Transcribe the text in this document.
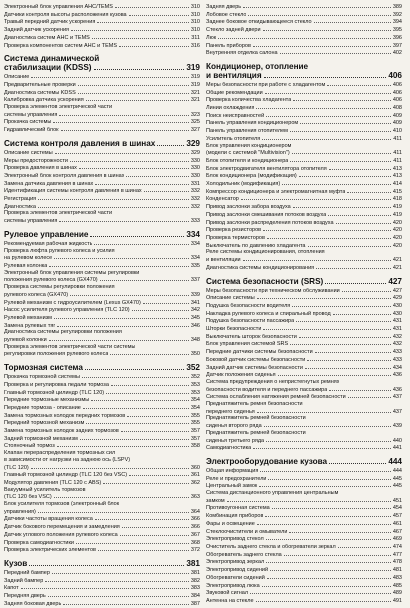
Электронный блок управления АНС/TEMS	310
Датчики контроля высоты расположения кузова	310
Травый передний датчик ускорения	310
Задний датчик ускорения	310
Диагностика систем АНС и TEMS	311
Проверка компонентов систем АНС и TEMS	316
Система динамической
стабилизации (KDSS)	319
Описание	319
Предварительные проверки	319
Диагностика системы KDSS	321
Калибровка датчика ускорения	321
Проверка элементов электрической части
системы управления	323
Прокачка системы	325
Гидравлический блок	327
Система контроля давления в шинах	329
Описание системы	329
Меры предосторожности	330
Проверка давления в шинах	330
Электронный блок контроля давления в шинах	330
Замена датчика давления в шинах	331
Идентификация системы контроля давления в шинах	332
Регистрация	332
Диагностика	332
Проверка элементов электрической части
системы управления	333
Рулевое управление	334
Рекомендуемая рабочая жидкость	334
Проверка люфта рулевого колеса и усилия
на рулевом колесе	334
Рулевая колонка	335
Электронный блок управления системы регулировки
положения рулевого колеса (GX470)	337
Проверка системы регулировки положения
рулевого колеса (GX470)	339
Рулевой механизм с гидроусилителем (Lexus GX470)	341
Насос усилителя рулевого управления (TLC 120)	342
Рулевой механизм	345
Замена рулевых тяг	346
Диагностика системы регулировки положения
рулевой колонки	348
Проверка элементов электрической части системы
регулировки положения рулевого колеса	350
Тормозная система	352
Прокачка тормозной системы	352
Проверка и регулировка педали тормоза	353
Главный тормозной цилиндр (TLC 120)	353
Передние тормозные механизмы	354
Передние тормоза - описание	354
Замена тормозных колодок передних тормозов	355
Передний тормозной механизм	355
Замена тормозных колодок задних тормозов	357
Задний тормозной механизм	357
Стояночный тормоз	358
Клапан перераспределения тормозных сил
в зависимости от нагрузки на заднюю ось (LSPV)
(TLC 120)	360
Главный тормозной цилиндр (TLC 120 без VSC)	361
Модулятор давления (TLC 120 с ABS)	362
Вакуумный усилитель тормозов
(TLC 120 без VSC)	363
Блок усилителя тормозов (электронный блок
управления)	364
Датчики частоты вращения колеса	366
Датчик бокового перемещения и замедления	366
Датчик углового положения рулевого колеса	367
Проверка самодиагностики	368
Проверка электрических элементов	372
Кузов	381
Передний бампер	381
Задний бампер	382
Капот	383
Передняя дверь	384
Задняя боковая дверь	387
Задняя дверь	389
Лобовое стекло	392
Заднее боковое откидывающееся стекло	394
Стекло задней двери	395
Люк	396
Панель приборов	397
Внутренняя отделка салона	402
Кондиционер, отопление
и вентиляция	406
Меры безопасности при работе с хладагентом	406
Общие рекомендации	406
Проверка количества хладагента	406
Линии охлаждения	408
Поиск неисправностей	409
Панель управления кондиционером	409
Панель управления отопителем	410
Усилитель отопителя	411
Блок управления кондиционером
(модели с системой "Multivision")	411
Блок отопителя и кондиционера	411
Блок электродвигателя вентилятора отопителя	413
Блок кондиционера (модификация)	413
Холодильник (модификация)	414
Компрессор кондиционера и электромагнитная муфта	415
Конденсатор	418
Привод заслонки забора воздуха	419
Привод заслонки смешивания потоков воздуха	419
Привод заслонки распределения потоков воздуха	420
Проверка резисторов	420
Проверка термисторов	420
Выключатель по давлению хладагента	420
Реле системы кондиционирования, отопления
и вентиляции	421
Диагностика системы кондиционирования	421
Система безопасности (SRS)	427
Меры безопасности при техническом обслуживании	427
Описание системы	429
Подушка безопасности водителя	430
Накладка рулевого колеса и спиральный провод	430
Подушка безопасности пассажира	431
Шторки безопасности	431
Выключатель шторок безопасности	432
Блок управления системой SRS	432
Передние датчики системы безопасности	433
Боковой датчик системы безопасности	433
Задний датчик системы безопасности	434
Датчик положения сиденья	436
Система предупреждения о непристегнутых ремнях
безопасности водителя и переднего пассажира	436
Система ослабления натяжения ремней безопасности	437
Преднатяжитель ремня безопасности
переднего сиденья	437
Преднатяжитель ремней безопасности
сиденья второго ряда	439
Преднатяжитель ремней безопасности
сиденья третьего ряда	440
Самодиагностика	441
Электрооборудование кузова	444
Общая информация	444
Реле и предохранители	445
Центральный замок	445
Система дистанционного управления центральным
замком	451
Противоугонная система	454
Комбинация приборов	457
Фары и освещение	461
Стеклоочистители и омыватели	467
Электропривод стекол	469
Очиститель заднего стекла и обогреватели зеркал	474
Обогреватель заднего стекла	477
Электропривод зеркал	478
Электропривод сидений	481
Обогреватели сидений	483
Электропривод люка	485
Звуковой сигнал	489
Антенна на стекле	491
